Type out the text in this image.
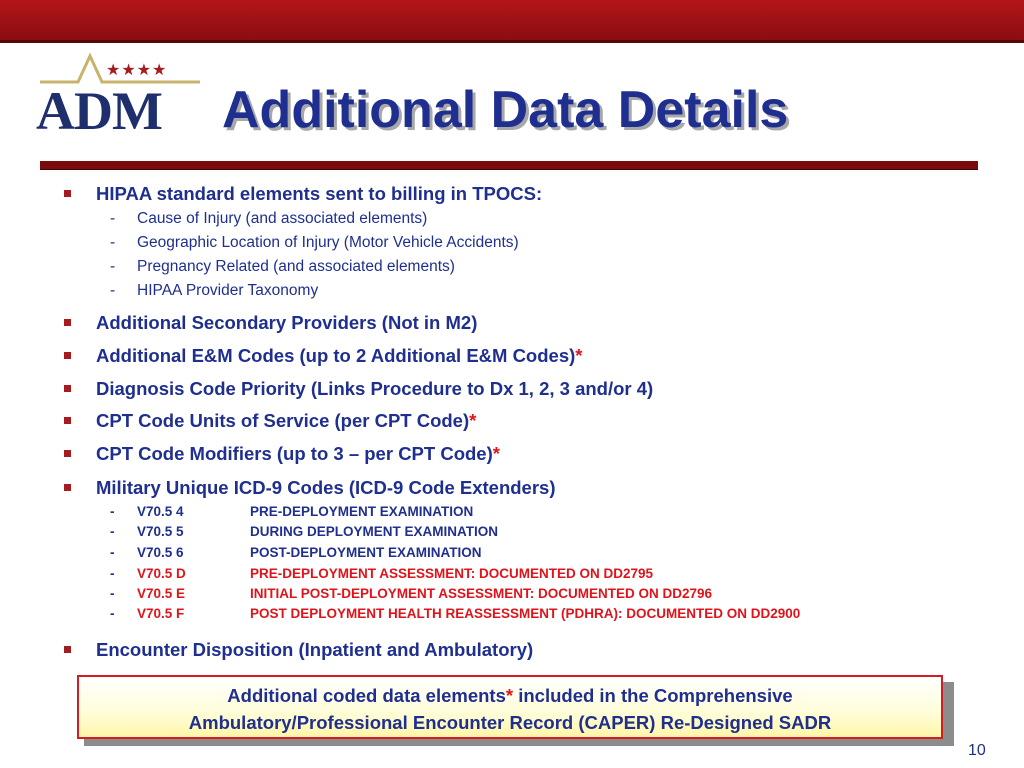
★★★★
ADM Additional Data Details
HIPAA standard elements sent to billing in TPOCS:
- Cause of Injury (and associated elements)
- Geographic Location of Injury (Motor Vehicle Accidents)
- Pregnancy Related (and associated elements)
- HIPAA Provider Taxonomy
Additional Secondary Providers (Not in M2)
Additional E&M Codes (up to 2 Additional E&M Codes)*
Diagnosis Code Priority (Links Procedure to Dx 1, 2, 3 and/or 4)
CPT Code Units of Service (per CPT Code)*
CPT Code Modifiers (up to 3 – per CPT Code)*
Military Unique ICD-9 Codes (ICD-9 Code Extenders)
- V70.5 4	PRE-DEPLOYMENT EXAMINATION
- V70.5 5	DURING DEPLOYMENT EXAMINATION
- V70.5 6	POST-DEPLOYMENT EXAMINATION
- V70.5 D	PRE-DEPLOYMENT ASSESSMENT: DOCUMENTED ON DD2795
- V70.5 E	INITIAL POST-DEPLOYMENT ASSESSMENT: DOCUMENTED ON DD2796
- V70.5 F	POST DEPLOYMENT HEALTH REASSESSMENT (PDHRA): DOCUMENTED ON DD2900
Encounter Disposition (Inpatient and Ambulatory)
Additional coded data elements* included in the Comprehensive
Ambulatory/Professional Encounter Record (CAPER) Re-Designed SADR
10
